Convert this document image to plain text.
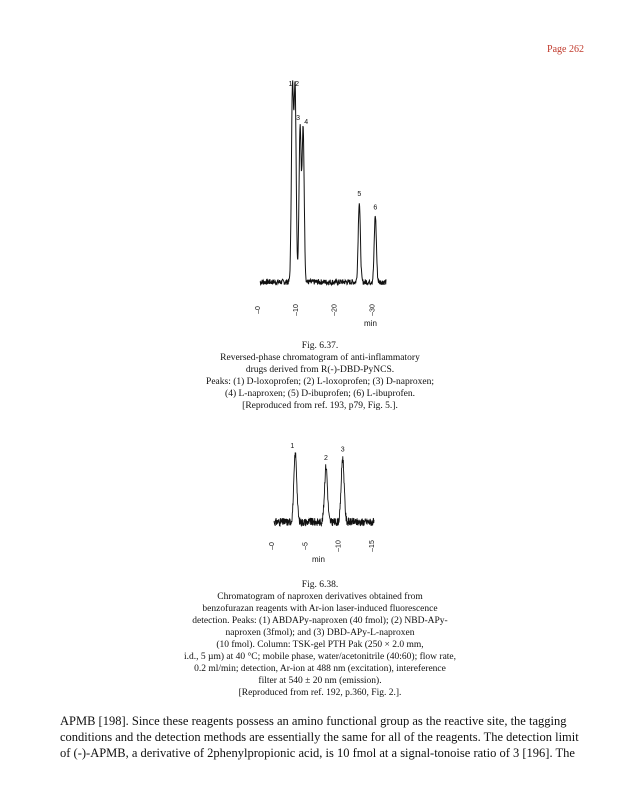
Page 262
1 2
3
4
5
6
–0	–10	–20	–30
min
Fig. 6.37.
Reversed-phase chromatogram of anti-inflammatory
drugs derived from R(-)-DBD-PyNCS.
Peaks: (1) D-loxoprofen; (2) L-loxoprofen; (3) D-naproxen;
(4) L-naproxen; (5) D-ibuprofen; (6) L-ibuprofen.
[Reproduced from ref. 193, p79, Fig. 5.].
1
2
3
–0	–5	–10	–15
min
Fig. 6.38.
Chromatogram of naproxen derivatives obtained from
benzofurazan reagents with Ar-ion laser-induced fluorescence
detection. Peaks: (1) ABDAPy-naproxen (40 fmol); (2) NBD-APy-
naproxen (3fmol); and (3) DBD-APy-L-naproxen
(10 fmol). Column: TSK-gel PTH Pak (250 × 2.0 mm,
i.d., 5 µm) at 40 °C; mobile phase, water/acetonitrile (40:60); flow rate,
0.2 ml/min; detection, Ar-ion at 488 nm (excitation), intereference
filter at 540 ± 20 nm (emission).
[Reproduced from ref. 192, p.360, Fig. 2.].
APMB [198]. Since these reagents possess an amino functional group as the reactive site, the tagging
conditions and the detection methods are essentially the same for all of the reagents. The detection limit
of (-)-APMB, a derivative of 2phenylpropionic acid, is 10 fmol at a signal-tonoise ratio of 3 [196]. The
